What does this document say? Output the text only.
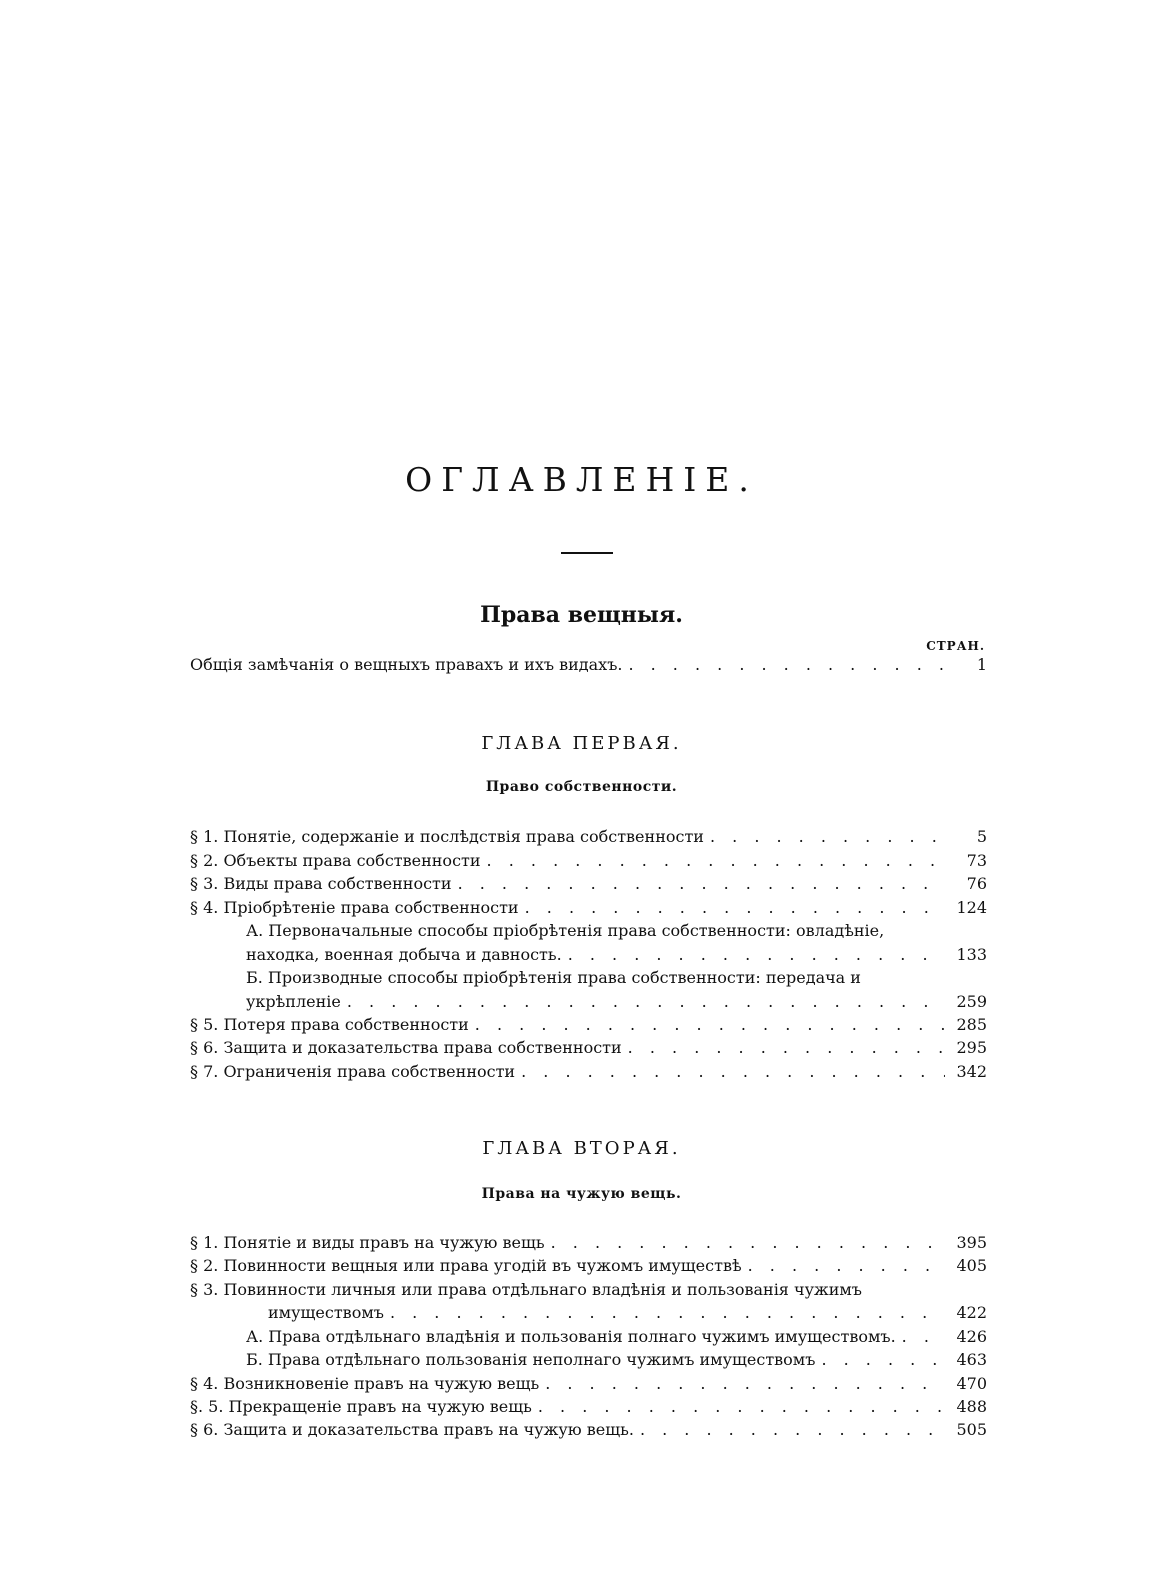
ОГЛАВЛЕНIЕ.
Права вещныя.
СТРАН.
Общія замѣчанія о вещныхъ правахъ и ихъ видахъ. . . .	1
ГЛАВА ПЕРВАЯ.
Право собственности.
§ 1. Понятіе, содержаніе и послѣдствія права собственности . . .	5
§ 2. Объекты права собственности . . .	73
§ 3. Виды права собственности . . .	76
§ 4. Пріобрѣтеніе права собственности . . .	124
А. Первоначальные способы пріобрѣтенія права собственности: овладѣніе,
находка, военная добыча и давность. . . .	133
Б. Производные способы пріобрѣтенія права собственности: передача и
укрѣпленіе . . .	259
§ 5. Потеря права собственности . . .	285
§ 6. Защита и доказательства права собственности . . .	295
§ 7. Ограниченія права собственности . . .	342
ГЛАВА ВТОРАЯ.
Права на чужую вещь.
§ 1. Понятіе и виды правъ на чужую вещь . . .	395
§ 2. Повинности вещныя или права угодій въ чужомъ имуществѣ . . .	405
§ 3. Повинности личныя или права отдѣльнаго владѣнія и пользованія чужимъ
имуществомъ . . .	422
А. Права отдѣльнаго владѣнія и пользованія полнаго чужимъ имуществомъ. . . .	426
Б. Права отдѣльнаго пользованія неполнаго чужимъ имуществомъ . . .	463
§ 4. Возникновеніе правъ на чужую вещь . . .	470
§. 5. Прекращеніе правъ на чужую вещь . . .	488
§ 6. Защита и доказательства правъ на чужую вещь. . . .	505
